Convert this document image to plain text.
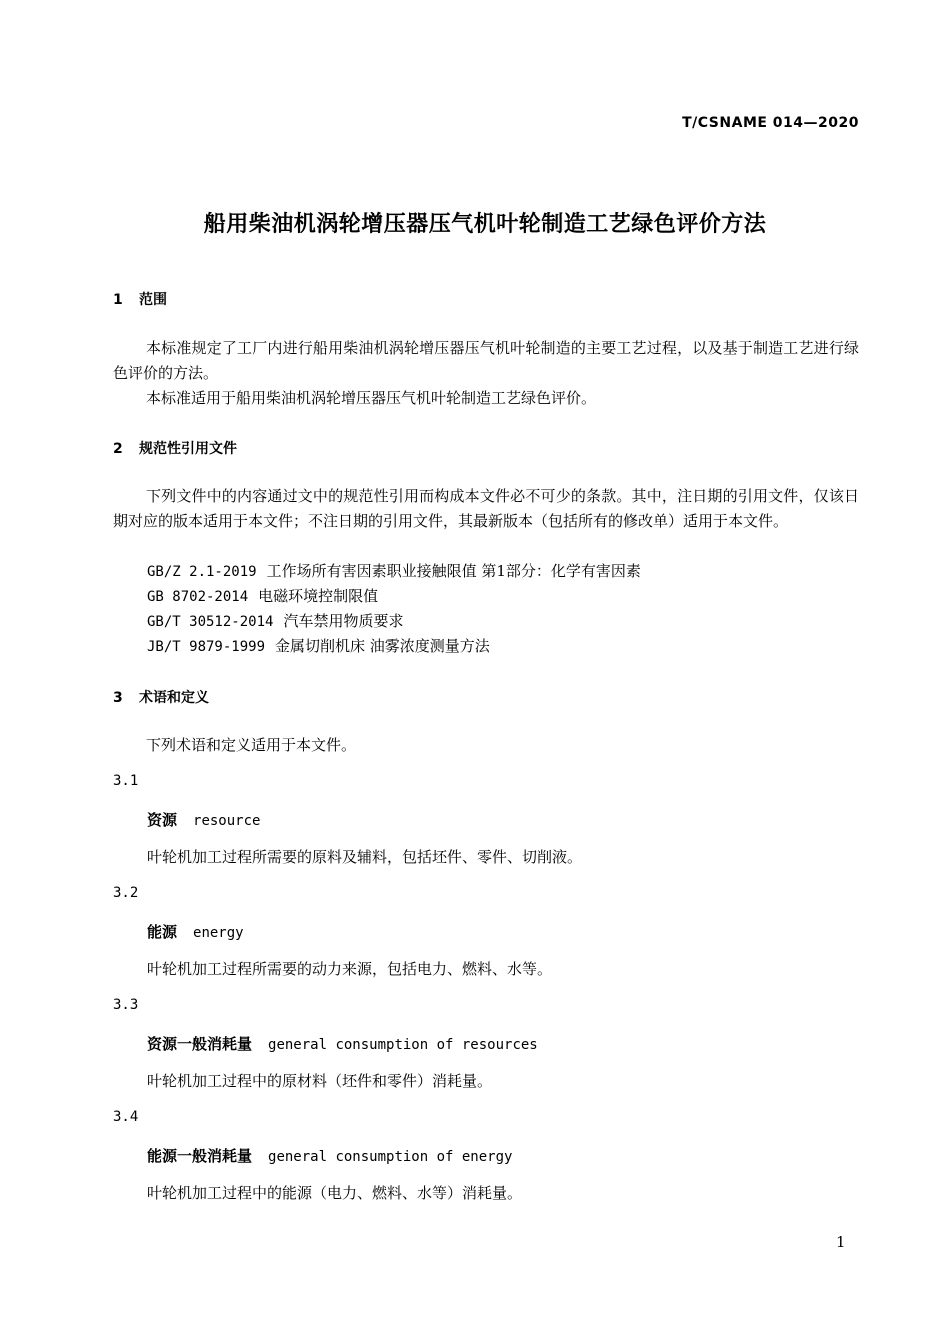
T/CSNAME 014—2020
船用柴油机涡轮增压器压气机叶轮制造工艺绿色评价方法
1 范围

本标准规定了工厂内进行船用柴油机涡轮增压器压气机叶轮制造的主要工艺过程，以及基于制造工艺进行绿色评价的方法。

本标准适用于船用柴油机涡轮增压器压气机叶轮制造工艺绿色评价。

2 规范性引用文件

下列文件中的内容通过文中的规范性引用而构成本文件必不可少的条款。其中，注日期的引用文件，仅该日期对应的版本适用于本文件；不注日期的引用文件，其最新版本（包括所有的修改单）适用于本文件。

GB/Z 2.1-2019 工作场所有害因素职业接触限值 第1部分：化学有害因素
GB 8702-2014 电磁环境控制限值
GB/T 30512-2014 汽车禁用物质要求
JB/T 9879-1999 金属切削机床 油雾浓度测量方法
3 术语和定义

下列术语和定义适用于本文件。

3.1
资源 resource
叶轮机加工过程所需要的原料及辅料，包括坯件、零件、切削液。
3.2
能源 energy
叶轮机加工过程所需要的动力来源，包括电力、燃料、水等。
3.3
资源一般消耗量 general consumption of resources
叶轮机加工过程中的原材料（坯件和零件）消耗量。
3.4
能源一般消耗量 general consumption of energy
叶轮机加工过程中的能源（电力、燃料、水等）消耗量。
1
